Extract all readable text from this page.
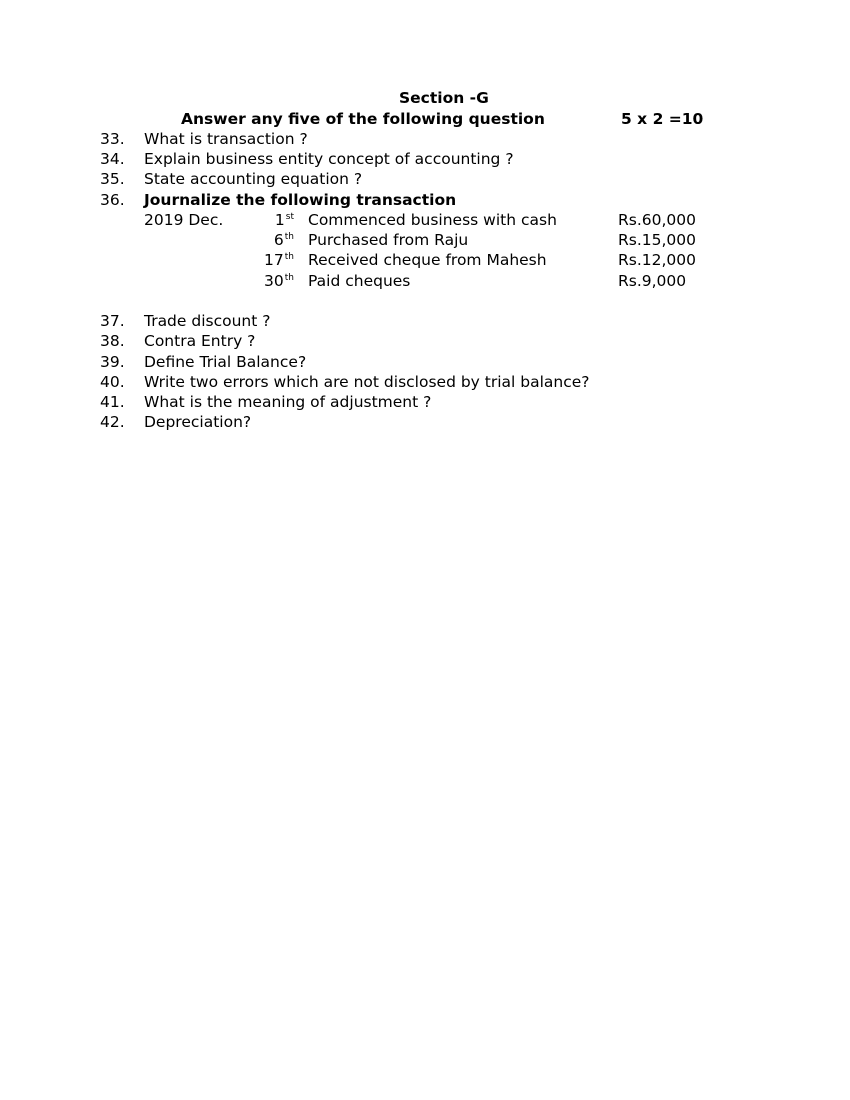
Section -G
Answer any five of the following question	5 x 2 =10
33. What is transaction ?
34. Explain business entity concept of accounting ?
35. State accounting equation ?
36. Journalize the following transaction
2019 Dec.	1st Commenced business with cash	Rs.60,000
6th Purchased from Raju	Rs.15,000
17th Received cheque from Mahesh	Rs.12,000
30th Paid cheques	Rs.9,000
37. Trade discount ?
38. Contra Entry ?
39. Define Trial Balance?
40. Write two errors which are not disclosed by trial balance?
41. What is the meaning of adjustment ?
42. Depreciation?
